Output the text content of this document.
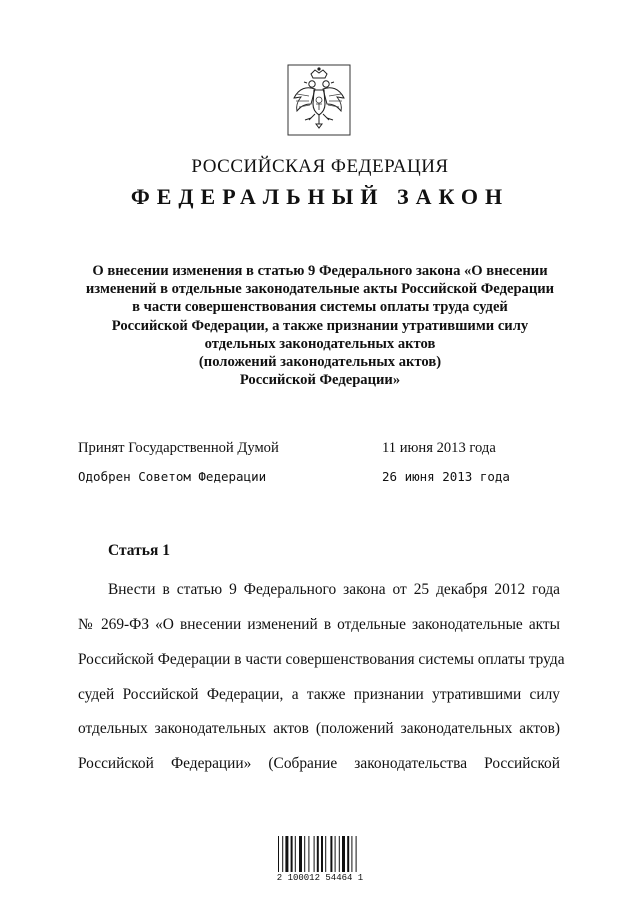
РОССИЙСКАЯ ФЕДЕРАЦИЯ
ФЕДЕРАЛЬНЫЙ ЗАКОН
О внесении изменения в статью 9 Федерального закона «О внесении
изменений в отдельные законодательные акты Российской Федерации
в части совершенствования системы оплаты труда судей
Российской Федерации, а также признании утратившими силу
отдельных законодательных актов
(положений законодательных актов)
Российской Федерации»
Принят Государственной Думой	11 июня 2013 года
Одобрен Советом Федерации	26 июня 2013 года
Статья 1
Внести в статью 9 Федерального закона от 25 декабря 2012 года
№ 269-ФЗ «О внесении изменений в отдельные законодательные акты
Российской Федерации в части совершенствования системы оплаты труда
судей Российской Федерации, а также признании утратившими силу
отдельных законодательных актов (положений законодательных актов)
Российской Федерации» (Собрание законодательства Российской
2 100012 54464 1
